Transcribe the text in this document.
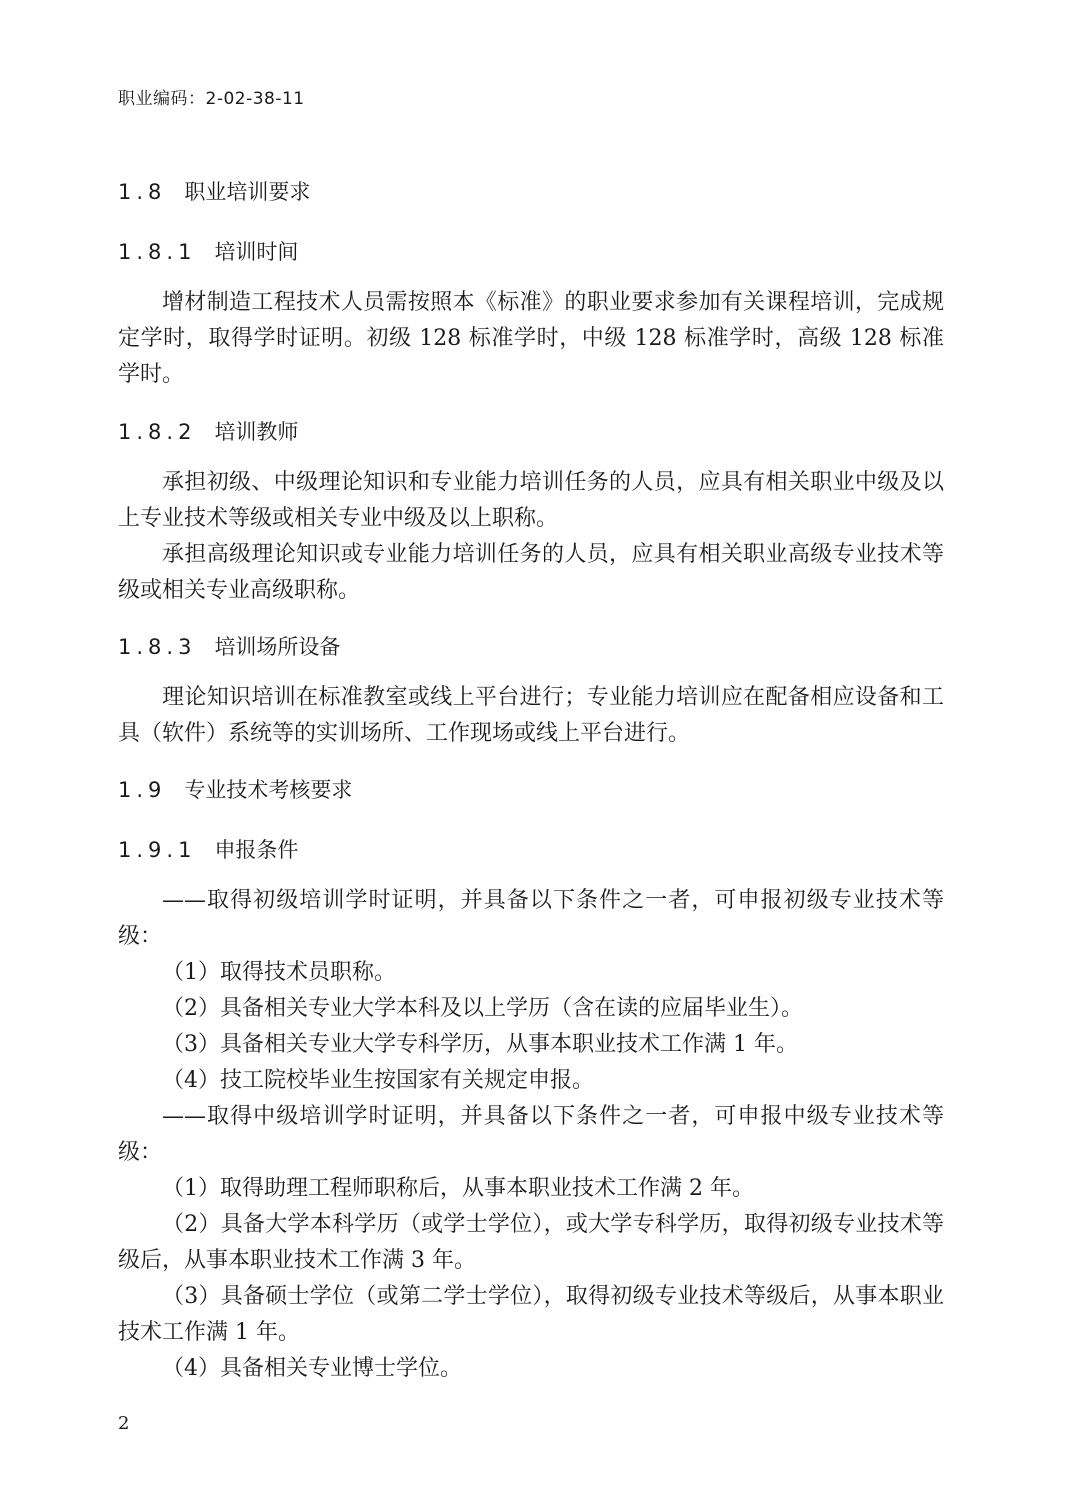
职业编码：2-02-38-11
1.8 职业培训要求
1.8.1 培训时间
增材制造工程技术人员需按照本《标准》的职业要求参加有关课程培训，完成规定学时，取得学时证明。初级 128 标准学时，中级 128 标准学时，高级 128 标准学时。
1.8.2 培训教师
承担初级、中级理论知识和专业能力培训任务的人员，应具有相关职业中级及以上专业技术等级或相关专业中级及以上职称。
承担高级理论知识或专业能力培训任务的人员，应具有相关职业高级专业技术等级或相关专业高级职称。
1.8.3 培训场所设备
理论知识培训在标准教室或线上平台进行；专业能力培训应在配备相应设备和工具（软件）系统等的实训场所、工作现场或线上平台进行。
1.9 专业技术考核要求
1.9.1 申报条件
——取得初级培训学时证明，并具备以下条件之一者，可申报初级专业技术等级：
（1）取得技术员职称。
（2）具备相关专业大学本科及以上学历（含在读的应届毕业生）。
（3）具备相关专业大学专科学历，从事本职业技术工作满 1 年。
（4）技工院校毕业生按国家有关规定申报。
——取得中级培训学时证明，并具备以下条件之一者，可申报中级专业技术等级：
（1）取得助理工程师职称后，从事本职业技术工作满 2 年。
（2）具备大学本科学历（或学士学位），或大学专科学历，取得初级专业技术等级后，从事本职业技术工作满 3 年。
（3）具备硕士学位（或第二学士学位），取得初级专业技术等级后，从事本职业技术工作满 1 年。
（4）具备相关专业博士学位。
2
